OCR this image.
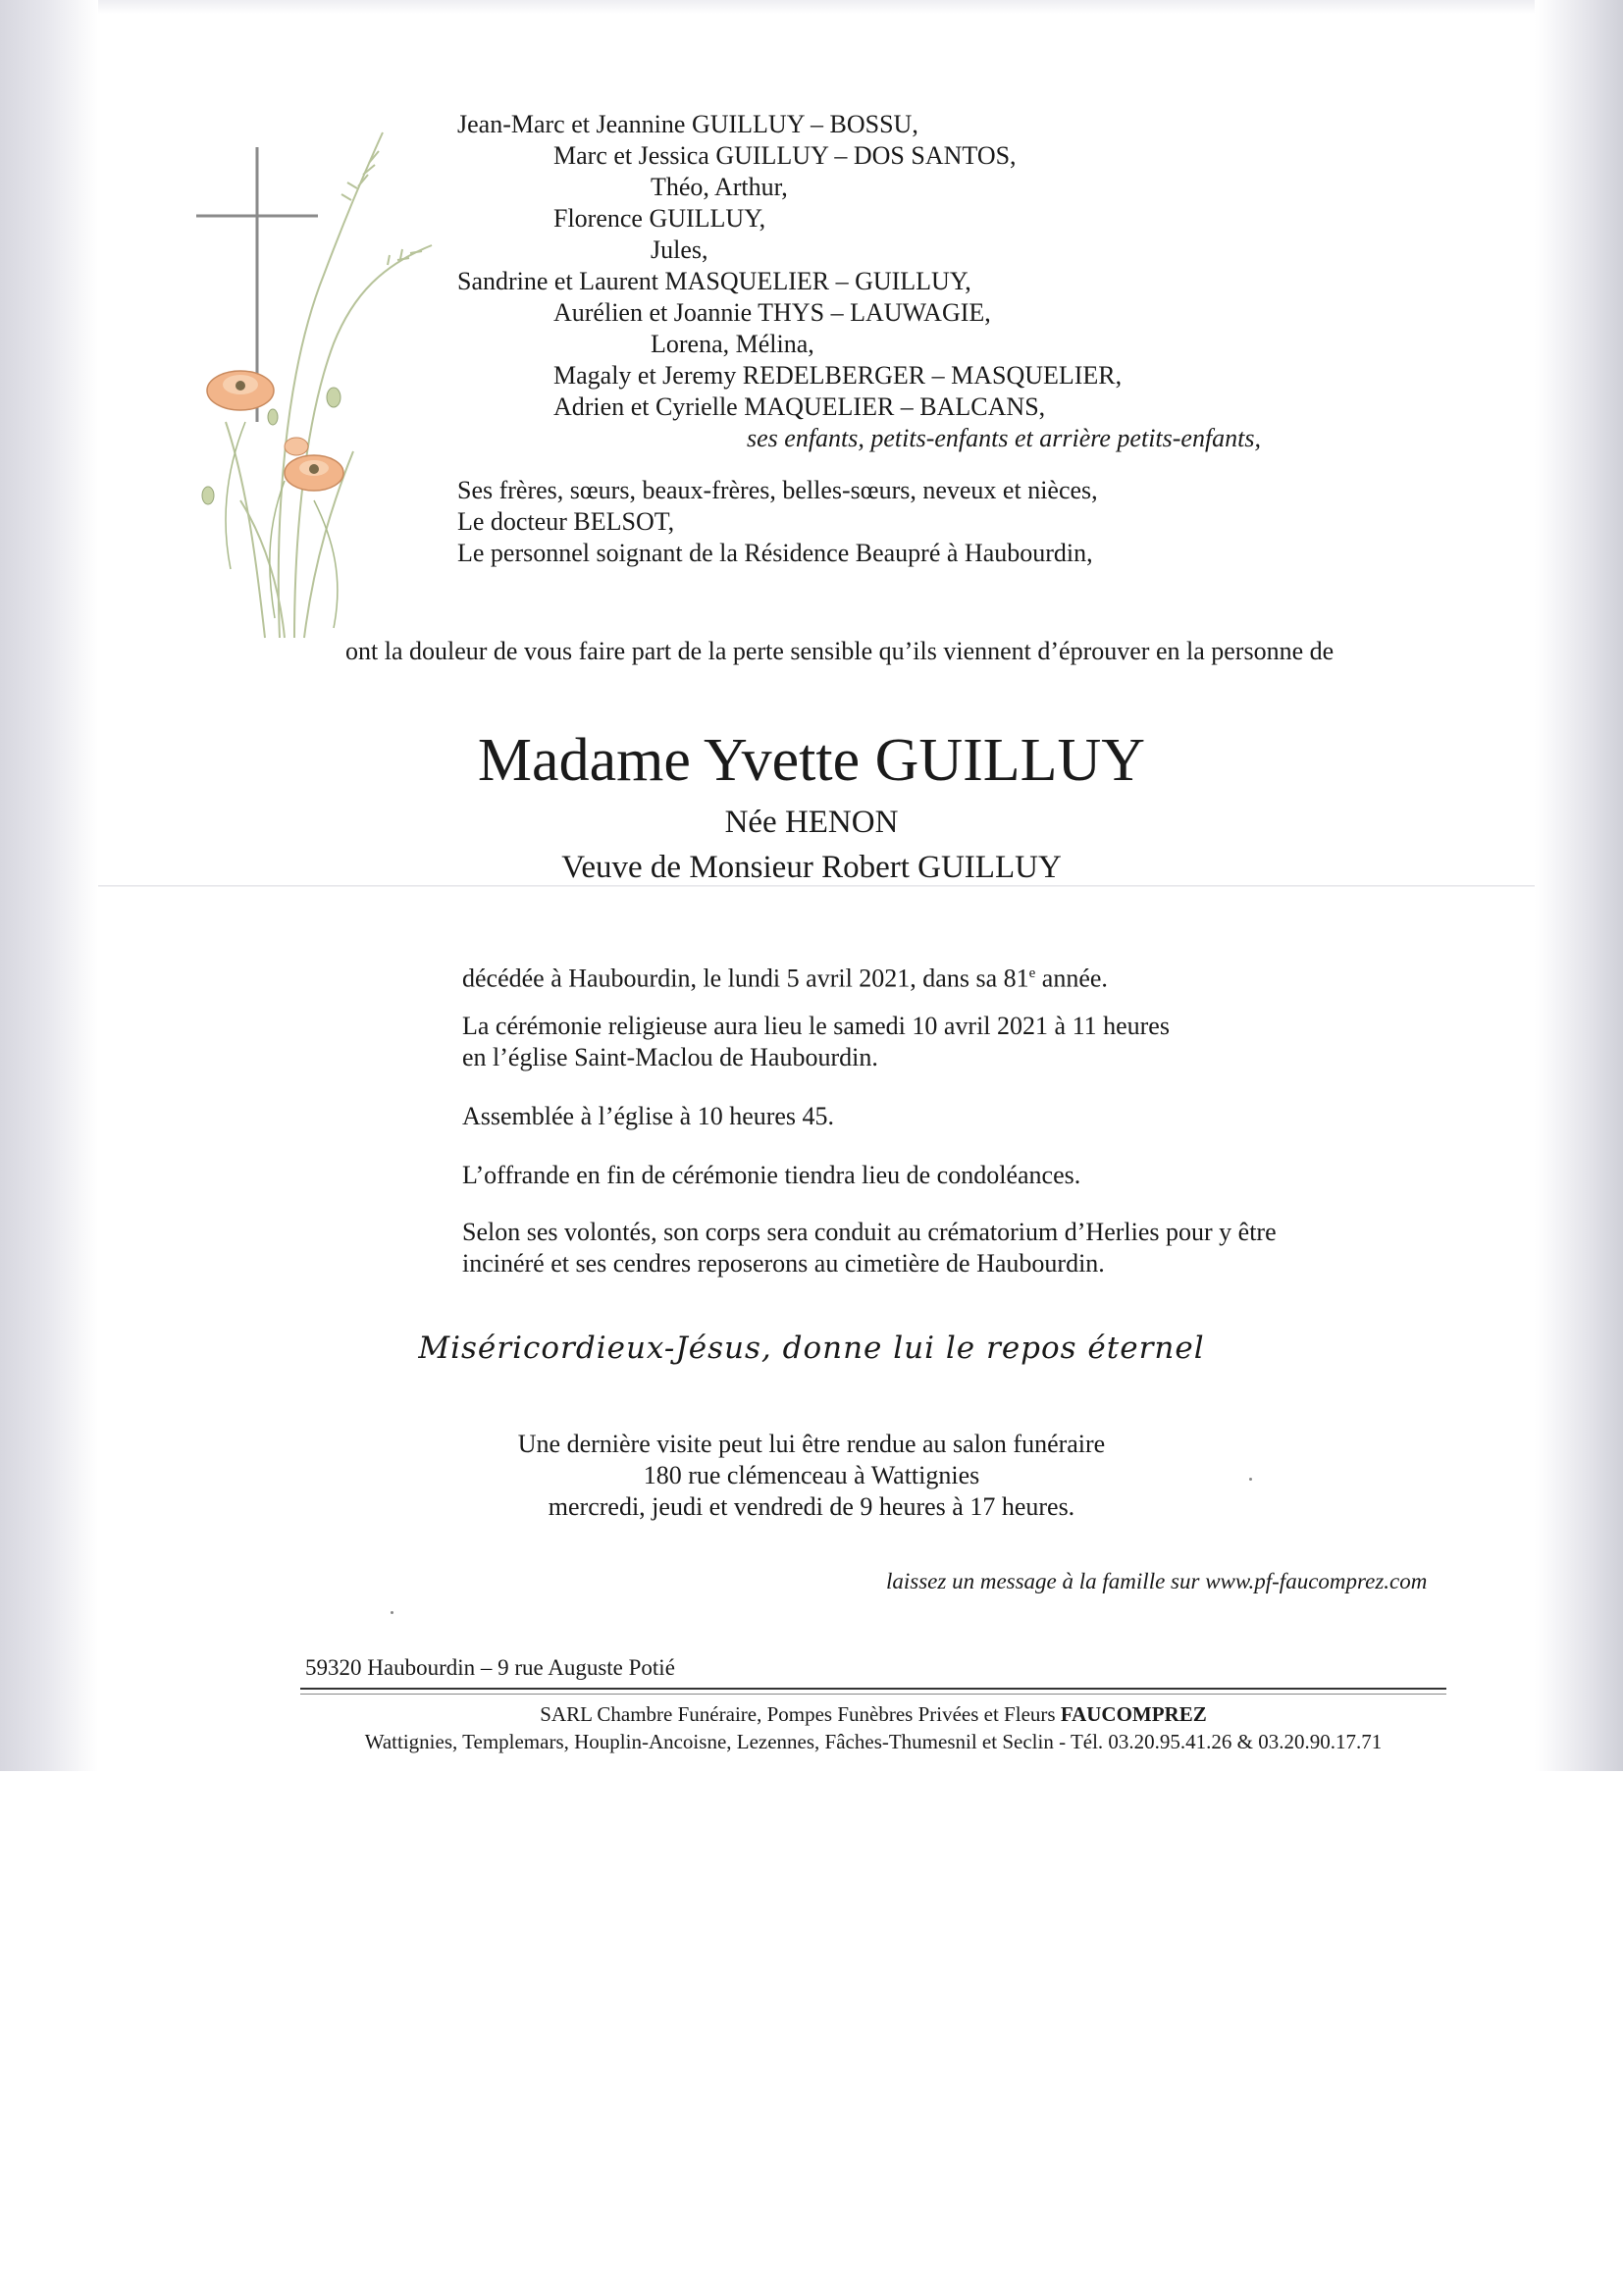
Jean-Marc et Jeannine GUILLUY – BOSSU,
Marc et Jessica GUILLUY – DOS SANTOS,
Théo, Arthur,
Florence GUILLUY,
Jules,
Sandrine et Laurent MASQUELIER – GUILLUY,
Aurélien et Joannie THYS – LAUWAGIE,
Lorena, Mélina,
Magaly et Jeremy REDELBERGER – MASQUELIER,
Adrien et Cyrielle MAQUELIER – BALCANS,
ses enfants, petits-enfants et arrière petits-enfants,
Ses frères, sœurs, beaux-frères, belles-sœurs, neveux et nièces,
Le docteur BELSOT,
Le personnel soignant de la Résidence Beaupré à Haubourdin,
ont la douleur de vous faire part de la perte sensible qu’ils viennent d’éprouver en la personne de
Madame Yvette GUILLUY
Née HENON
Veuve de Monsieur Robert GUILLUY
décédée à Haubourdin, le lundi 5 avril 2021, dans sa 81e année.
La cérémonie religieuse aura lieu le samedi 10 avril 2021 à 11 heures
en l’église Saint-Maclou de Haubourdin.
Assemblée à l’église à 10 heures 45.
L’offrande en fin de cérémonie tiendra lieu de condoléances.
Selon ses volontés, son corps sera conduit au crématorium d’Herlies pour y être
incinéré et ses cendres reposerons au cimetière de Haubourdin.
Miséricordieux-Jésus, donne lui le repos éternel
Une dernière visite peut lui être rendue au salon funéraire
180 rue clémenceau à Wattignies
mercredi, jeudi et vendredi de 9 heures à 17 heures.
laissez un message à la famille sur www.pf-faucomprez.com
59320 Haubourdin – 9 rue Auguste Potié
SARL Chambre Funéraire, Pompes Funèbres Privées et Fleurs FAUCOMPREZ
Wattignies, Templemars, Houplin-Ancoisne, Lezennes, Fâches-Thumesnil et Seclin - Tél. 03.20.95.41.26 & 03.20.90.17.71
